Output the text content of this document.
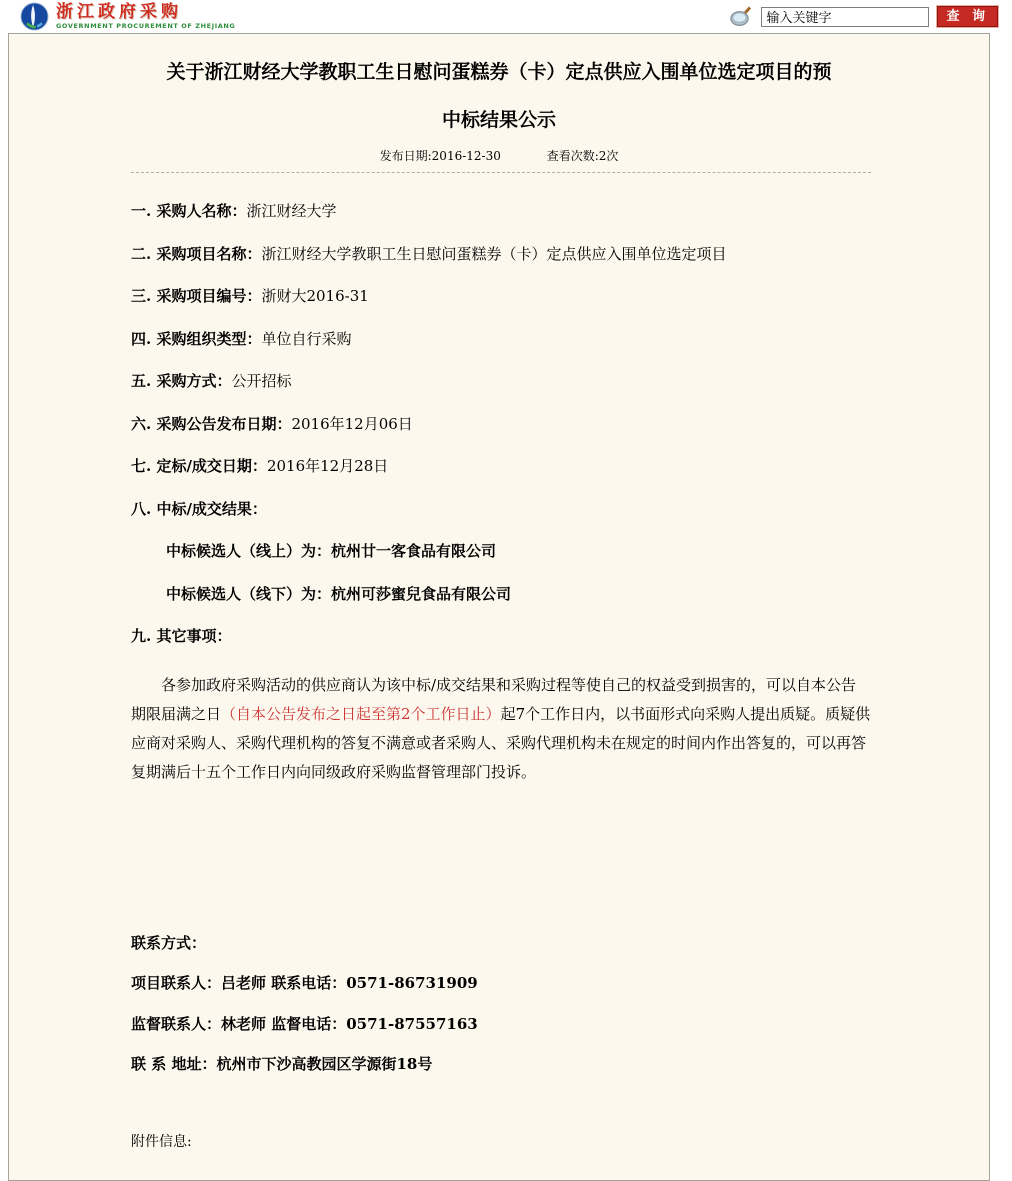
浙江政府采购
GOVERNMENT PROCUREMENT OF ZHEJIANG
输入关键字
查 询
关于浙江财经大学教职工生日慰问蛋糕券（卡）定点供应入围单位选定项目的预
中标结果公示
发布日期:2016-12-30	查看次数:2次

一. 采购人名称：浙江财经大学

二. 采购项目名称：浙江财经大学教职工生日慰问蛋糕券（卡）定点供应入围单位选定项目

三. 采购项目编号：浙财大2016-31

四. 采购组织类型：单位自行采购

五. 采购方式：公开招标

六. 采购公告发布日期：2016年12月06日

七. 定标/成交日期：2016年12月28日

八. 中标/成交结果：

中标候选人（线上）为：杭州廿一客食品有限公司

中标候选人（线下）为：杭州可莎蜜兒食品有限公司

九. 其它事项：

各参加政府采购活动的供应商认为该中标/成交结果和采购过程等使自己的权益受到损害的，可以自本公告期限届满之日（自本公告发布之日起至第2个工作日止）起7个工作日内，以书面形式向采购人提出质疑。质疑供应商对采购人、采购代理机构的答复不满意或者采购人、采购代理机构未在规定的时间内作出答复的，可以再答复期满后十五个工作日内向同级政府采购监督管理部门投诉。

联系方式：

项目联系人：吕老师 联系电话：0571-86731909

监督联系人：林老师 监督电话：0571-87557163

联 系 地址：杭州市下沙高教园区学源街18号

附件信息:
